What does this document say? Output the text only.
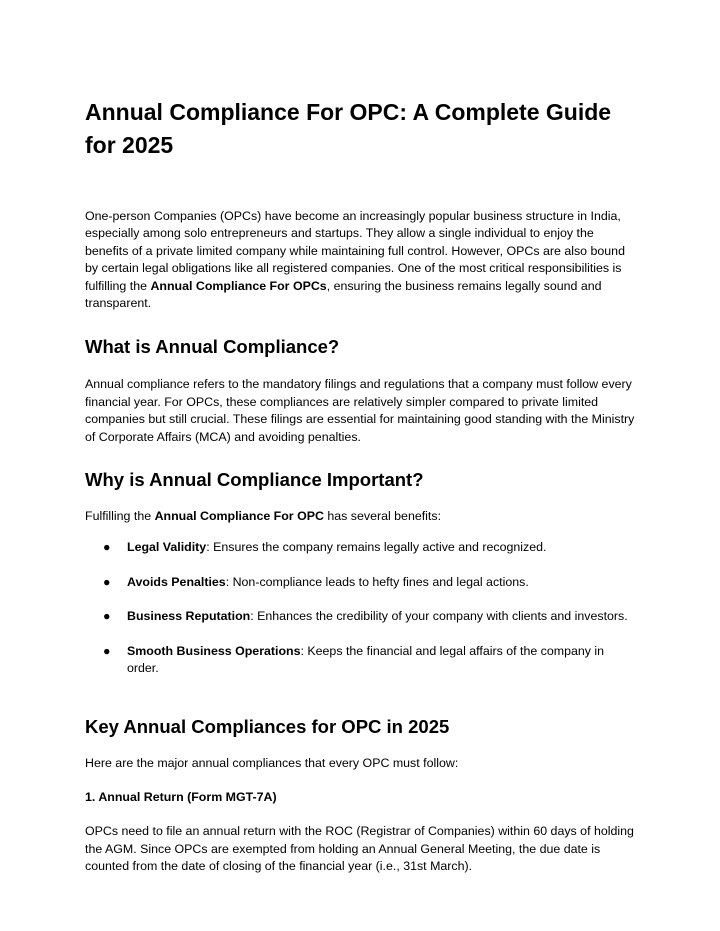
Annual Compliance For OPC: A Complete Guide for 2025

One-person Companies (OPCs) have become an increasingly popular business structure in India, especially among solo entrepreneurs and startups. They allow a single individual to enjoy the benefits of a private limited company while maintaining full control. However, OPCs are also bound by certain legal obligations like all registered companies. One of the most critical responsibilities is fulfilling the Annual Compliance For OPCs, ensuring the business remains legally sound and transparent.

What is Annual Compliance?

Annual compliance refers to the mandatory filings and regulations that a company must follow every financial year. For OPCs, these compliances are relatively simpler compared to private limited companies but still crucial. These filings are essential for maintaining good standing with the Ministry of Corporate Affairs (MCA) and avoiding penalties.

Why is Annual Compliance Important?

Fulfilling the Annual Compliance For OPC has several benefits:

● Legal Validity: Ensures the company remains legally active and recognized.
● Avoids Penalties: Non-compliance leads to hefty fines and legal actions.
● Business Reputation: Enhances the credibility of your company with clients and investors.
● Smooth Business Operations: Keeps the financial and legal affairs of the company in order.
Key Annual Compliances for OPC in 2025

Here are the major annual compliances that every OPC must follow:

1. Annual Return (Form MGT-7A)

OPCs need to file an annual return with the ROC (Registrar of Companies) within 60 days of holding the AGM. Since OPCs are exempted from holding an Annual General Meeting, the due date is counted from the date of closing of the financial year (i.e., 31st March).
